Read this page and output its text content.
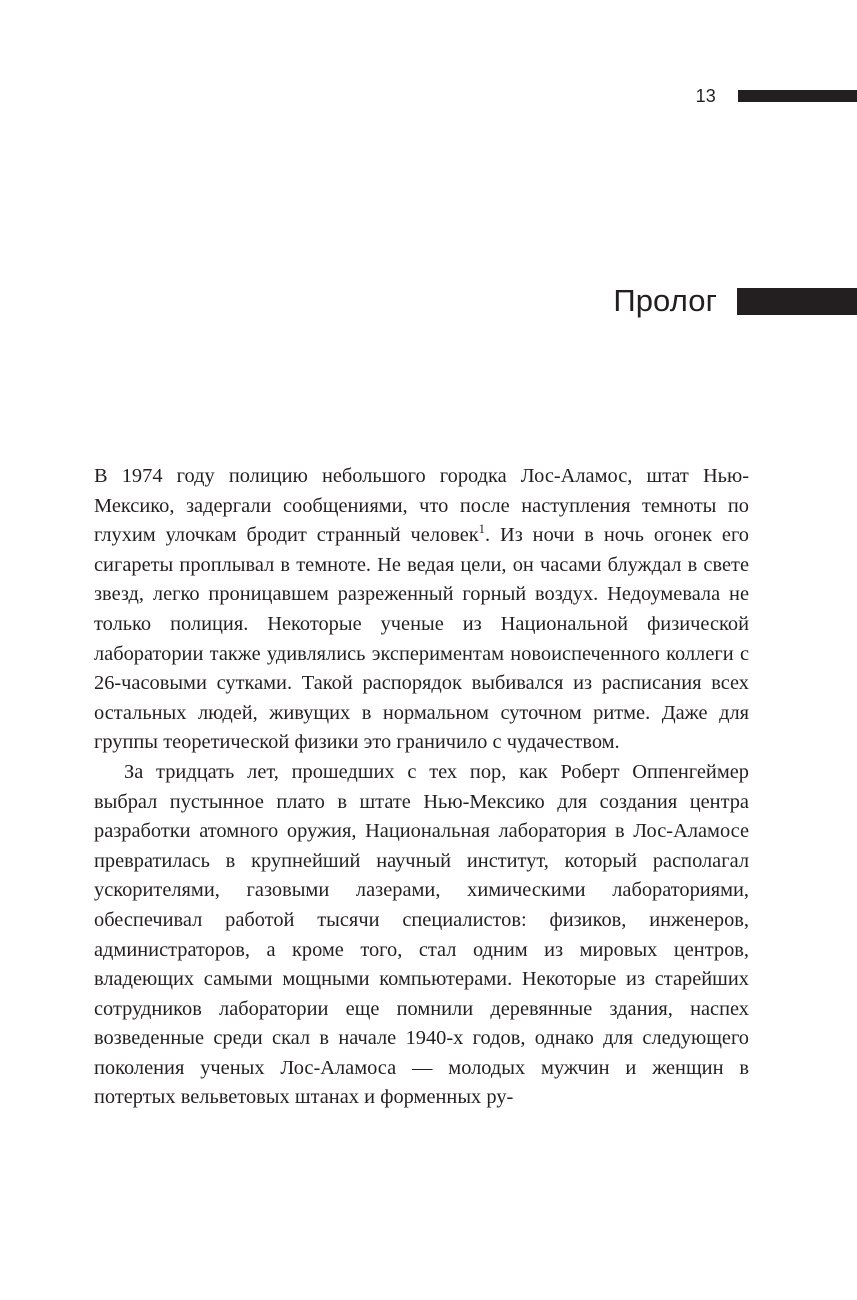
13
Пролог

В 1974 году полицию небольшого городка Лос-Аламос, штат Нью-Мексико, задергали сообщениями, что после наступления темноты по глухим улочкам бродит странный человек$^1$. Из ночи в ночь огонек его сигареты проплывал в темноте. Не ведая цели, он часами блуждал в свете звезд, легко проницавшем разреженный горный воздух. Недоумевала не только полиция. Некоторые ученые из Национальной физической лаборатории также удивлялись экспериментам новоиспеченного коллеги с 26-часовыми сутками. Такой распорядок выбивался из расписания всех остальных людей, живущих в нормальном суточном ритме. Даже для группы теоретической физики это граничило с чудачеством.

За тридцать лет, прошедших с тех пор, как Роберт Оппенгеймер выбрал пустынное плато в штате Нью-Мексико для создания центра разработки атомного оружия, Национальная лаборатория в Лос-Аламосе превратилась в крупнейший научный институт, который располагал ускорителями, газовыми лазерами, химическими лабораториями, обеспечивал работой тысячи специалистов: физиков, инженеров, администраторов, а кроме того, стал одним из мировых центров, владеющих самыми мощными компьютерами. Некоторые из старейших сотрудников лаборатории еще помнили деревянные здания, наспех возведенные среди скал в начале 1940-х годов, однако для следующего поколения ученых Лос-Аламоса — молодых мужчин и женщин в потертых вельветовых штанах и форменных ру-
